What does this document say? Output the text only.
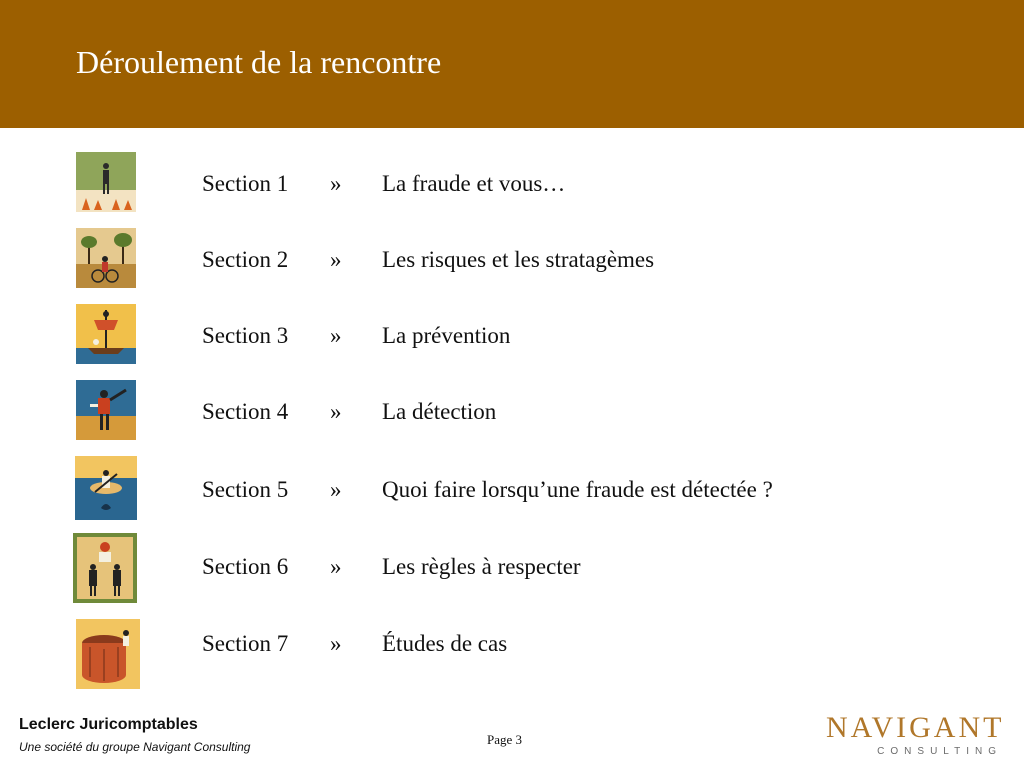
Déroulement de la rencontre
Section 1 » La fraude et vous…
Section 2 » Les risques et les stratagèmes
Section 3 » La prévention
Section 4 » La détection
Section 5 » Quoi faire lorsqu’une fraude est détectée ?
Section 6 » Les règles à respecter
Section 7 » Études de cas
Leclerc Juricomptables
Une société du groupe Navigant Consulting	Page 3	NAVIGANT
CONSULTING
